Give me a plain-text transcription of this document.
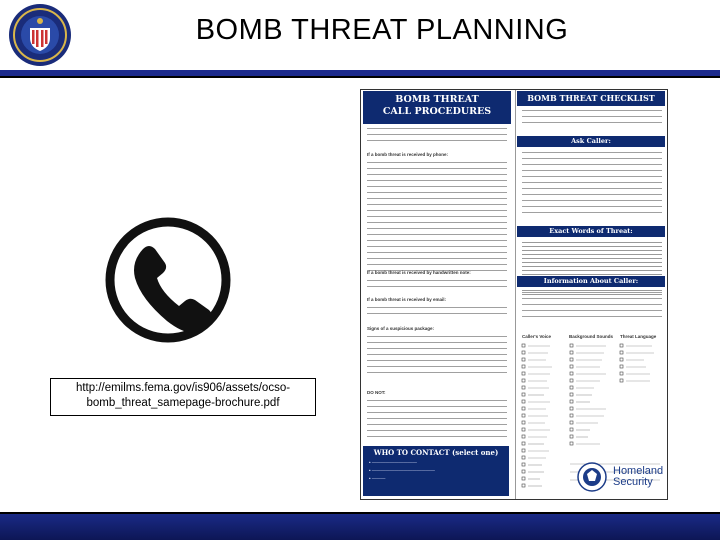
BOMB THREAT PLANNING
http://emilms.fema.gov/is906/assets/ocso-bomb_threat_samepage-brochure.pdf
BOMB THREAT
CALL PROCEDURES
If a bomb threat is received by phone:
If a bomb threat is received by handwritten note:
If a bomb threat is received by email:
Signs of a suspicious package:
DO NOT:
WHO TO CONTACT (select one)
• ——————————
• ——————————————
• ———
BOMB THREAT CHECKLIST
Ask Caller:
Exact Words of Threat:
Information About Caller:
Caller's Voice	Background Sounds Threat Language
Homeland
Security
